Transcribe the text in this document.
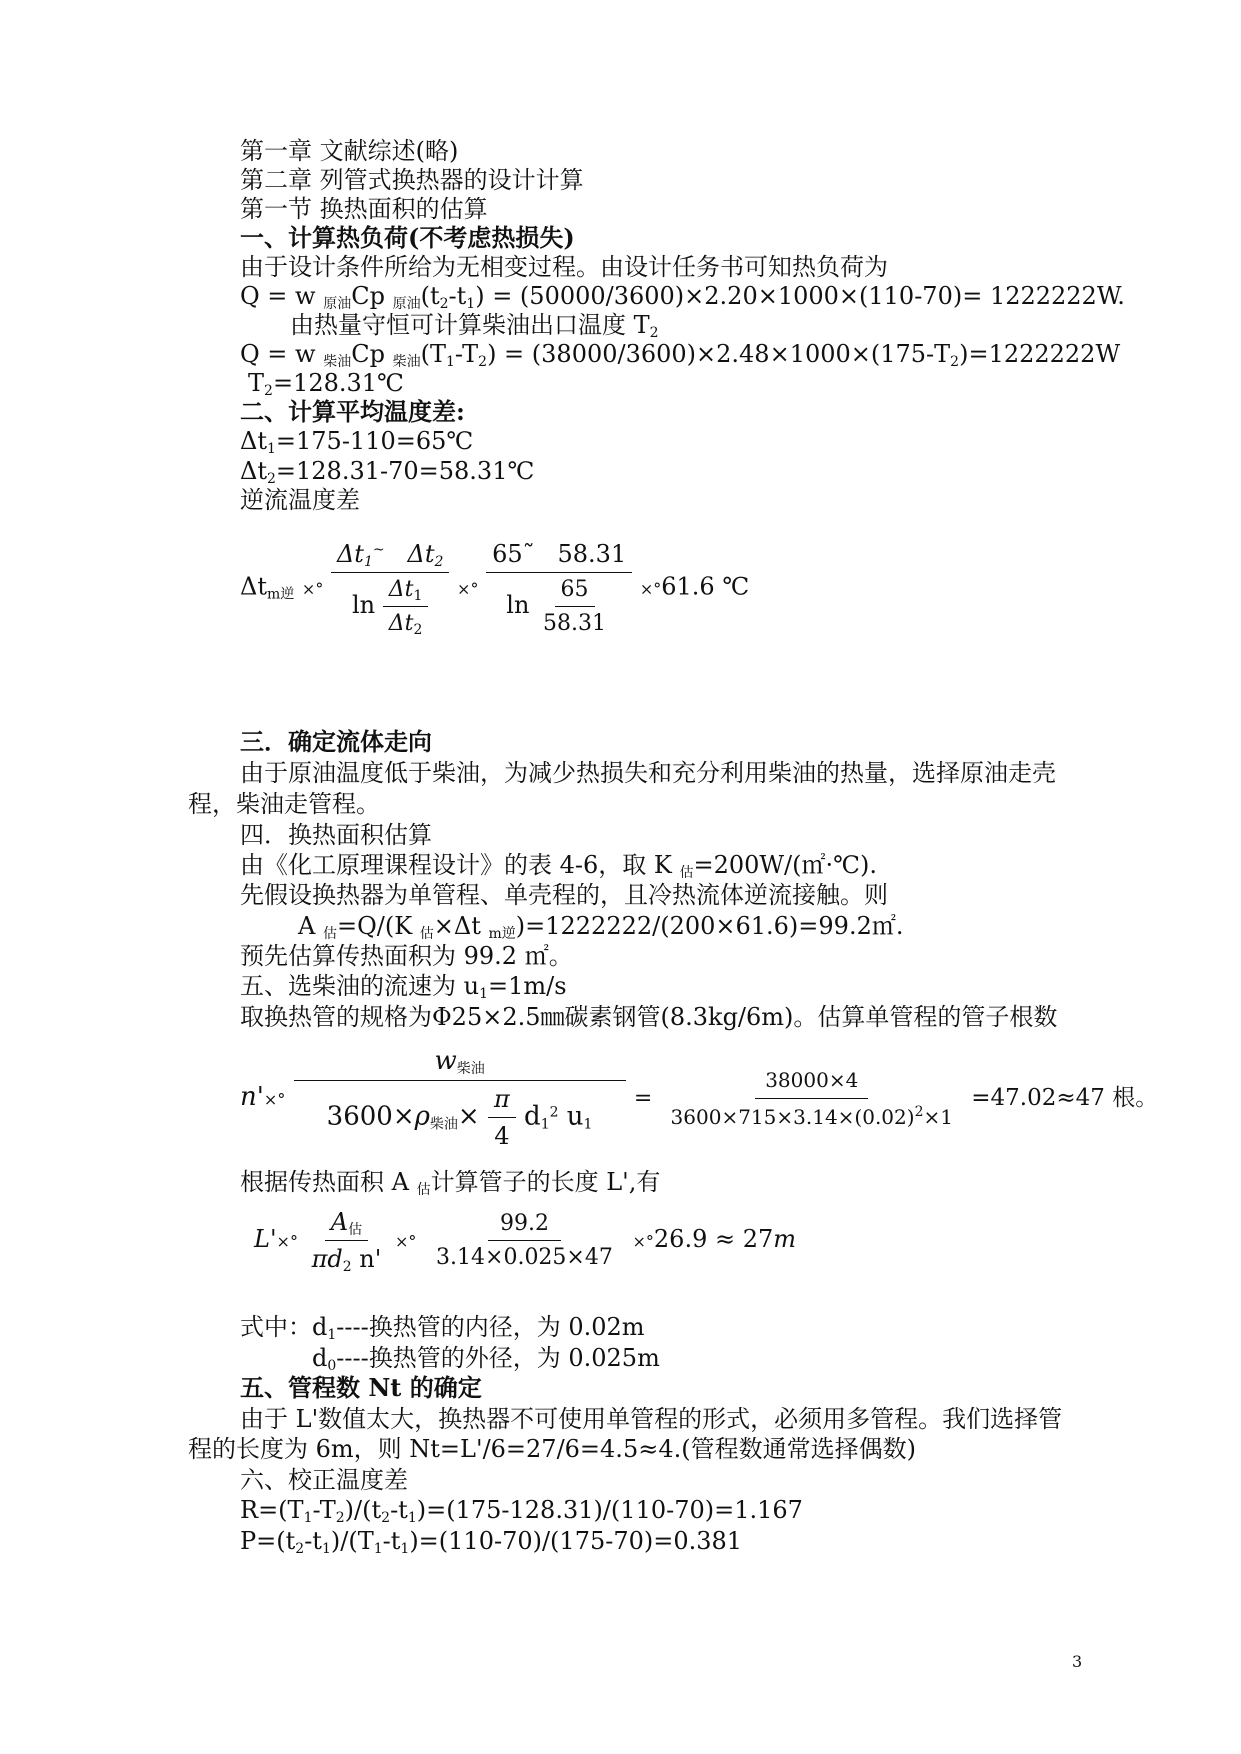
第一章 文献综述(略)
第二章 列管式换热器的设计计算
第一节 换热面积的估算
一、计算热负荷(不考虑热损失)
由于设计条件所给为无相变过程。由设计任务书可知热负荷为
Q = w $_{原油}$Cp $_{原油}(t_2-t_1) = (50000/3600)\times 2.20\times 1000\times(110-70)= 1222222W$.
由热量守恒可计算柴油出口温度 $T_2$
Q = w $_{柴油}$Cp $_{柴油}(T_1-T_2) = (38000/3600)\times 2.48\times 1000\times(175-T_2)=1222222W$
$T_2=128.31℃$
二、计算平均温度差:
$\Delta t_1=175-110=65℃$
$\Delta t_2=128.31-70=58.31℃$
逆流温度差
$\Delta t_{m逆}$ ×° $\frac{\Delta t_1^\sim \Delta t_2}{\ln \frac{\Delta t_1}{\Delta t_2}}$ ×° $\frac{65˜ 58.31}{\ln \frac{65}{58.31}} \times^\circ 61.6$ ℃
三．确定流体走向
由于原油温度低于柴油，为减少热损失和充分利用柴油的热量，选择原油走壳
程，柴油走管程。
四．换热面积估算
由《化工原理课程设计》的表 4-6，取 K $_估$=200W/(㎡·℃).
先假设换热器为单管程、单壳程的，且冷热流体逆流接触。则
A $_估$=Q/(K $_估$×Δt $_{m逆}$)=1222222/(200×61.6)=99.2㎡.
预先估算传热面积为 99.2 ㎡。
五、选柴油的流速为 $u_1=1m/s$
取换热管的规格为Φ25×2.5㎜碳素钢管(8.3kg/6m)。估算单管程的管子根数
$n'\times^\circ \frac{w_{柴油}}{3600\times\rho_{柴油}\times \frac{\pi}{4} d_1^2 u_1} = \frac{38000\times 4}{3600\times 715\times 3.14\times(0.02)^2\times 1} =47.02\approx 47$ 根。
根据传热面积 A $_估$计算管子的长度 L',有
$L'\times^\circ \frac{A_估}{\pi d_2 n'}$ ×° $\frac{99.2}{3.14\times 0.025\times 47} \times^\circ 26.9 \approx 27m$
式中：$d_1----$换热管的内径，为 0.02m
$d_0----$换热管的外径，为 0.025m
五、管程数 Nt 的确定
由于 L'数值太大，换热器不可使用单管程的形式，必须用多管程。我们选择管
程的长度为 6m，则 Nt=L'/6=27/6=4.5≈4.(管程数通常选择偶数)
六、校正温度差
$R=(T_1-T_2)/(t_2-t_1)=(175-128.31)/(110-70)=1.167$
$P=(t_2-t_1)/(T_1-t_1)=(110-70)/(175-70)=0.381$
3
